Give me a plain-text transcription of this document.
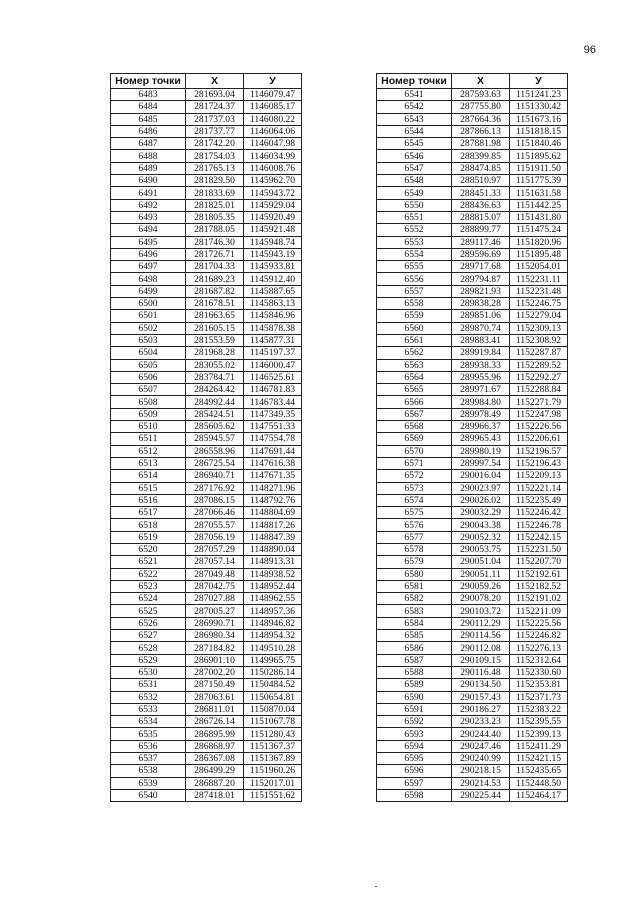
96
Номер точки	X	У
6483	281693.04	1146079.47
6484	281724.37	1146085.17
6485	281737.03	1146080.22
6486	281737.77	1146064.06
6487	281742.20	1146047.98
6488	281754.03	1146034.99
6489	281765.13	1146008.76
6490	281829.50	1145962.70
6491	281833.69	1145943.72
6492	281825.01	1145929.04
6493	281805.35	1145920.49
6494	281788.05	1145921.48
6495	281746.30	1145948.74
6496	281726.71	1145943.19
6497	281704.33	1145933.81
6498	281689.23	1145912.40
6499	281687.82	1145887.65
6500	281678.51	1145863.13
6501	281663.65	1145846.96
6502	281605.15	1145878.38
6503	281553.59	1145877.31
6504	281968.28	1145197.37
6505	283055.02	1146000.47
6506	283784.71	1146525.61
6507	284264.42	1146781.83
6508	284992.44	1146783.44
6509	285424.51	1147349.35
6510	285605.62	1147551.33
6511	285945.57	1147554.78
6512	286558.96	1147691.44
6513	286725.54	1147616.38
6514	286940.71	1147671.35
6515	287176.92	1148271.96
6516	287086.15	1148792.76
6517	287066.46	1148804.69
6518	287055.57	1148817.26
6519	287056.19	1148847.39
6520	287057.29	1148890.04
6521	287057.14	1148913.31
6522	287049.48	1148938.52
6523	287042.75	1148952.44
6524	287027.88	1148962.55
6525	287005.27	1148957.36
6526	286990.71	1148946.82
6527	286980.34	1148954.32
6528	287184.82	1149510.28
6529	286901.10	1149965.75
6530	287002.20	1150286.14
6531	287150.49	1150484.52
6532	287063.61	1150654.81
6533	286811.01	1150870.04
6534	286726.14	1151067.78
6535	286895.99	1151280.43
6536	286868.97	1151367.37
6537	286367.08	1151367.89
6538	286499.29	1151960.26
6539	286887.20	1152017.01
6540	287418.01	1151551.62
Номер точки	X	У
6541	287593.63	1151241.23
6542	287755.80	1151330.42
6543	287664.36	1151673.16
6544	287866.13	1151818.15
6545	287881.98	1151840.46
6546	288399.85	1151895.62
6547	288474.85	1151911.50
6548	288510.97	1151775.39
6549	288451.33	1151631.58
6550	288436.63	1151442.25
6551	288815.07	1151431.80
6552	288899.77	1151475.24
6553	289117.46	1151820.96
6554	289596.69	1151895.48
6555	289717.68	1152054.01
6556	289794.87	1152231.11
6557	289821.93	1152231.48
6558	289838.28	1152246.75
6559	289851.06	1152279.04
6560	289870.74	1152309.13
6561	289883.41	1152308.92
6562	289919.84	1152287.87
6563	289938.33	1152289.52
6564	289955.96	1152292.27
6565	289971.67	1152288.84
6566	289984.80	1152271.79
6567	289978.49	1152247.98
6568	289966.37	1152226.56
6569	289965.43	1152206.61
6570	289980.19	1152196.57
6571	289997.54	1152196.43
6572	290016.04	1152209.13
6573	290023.97	1152221.14
6574	290026.02	1152235.49
6575	290032.29	1152246.42
6576	290043.38	1152246.78
6577	290052.32	1152242.15
6578	290053.75	1152231.50
6579	290051.04	1152207.70
6580	290051.11	1152192.61
6581	290059.26	1152182.52
6582	290078.20	1152191.02
6583	290103.72	1152211.09
6584	290112.29	1152225.56
6585	290114.56	1152246.82
6586	290112.08	1152276.13
6587	290109.15	1152312.64
6588	290116.48	1152330.60
6589	290134.50	1152353.81
6590	290157.43	1152371.73
6591	290186.27	1152383.22
6592	290233.23	1152395.55
6593	290244.40	1152399.13
6594	290247.46	1152411.29
6595	290240.99	1152421.15
6596	290218.15	1152435.65
6597	290214.53	1152448.50
6598	290225.44	1152464.17
